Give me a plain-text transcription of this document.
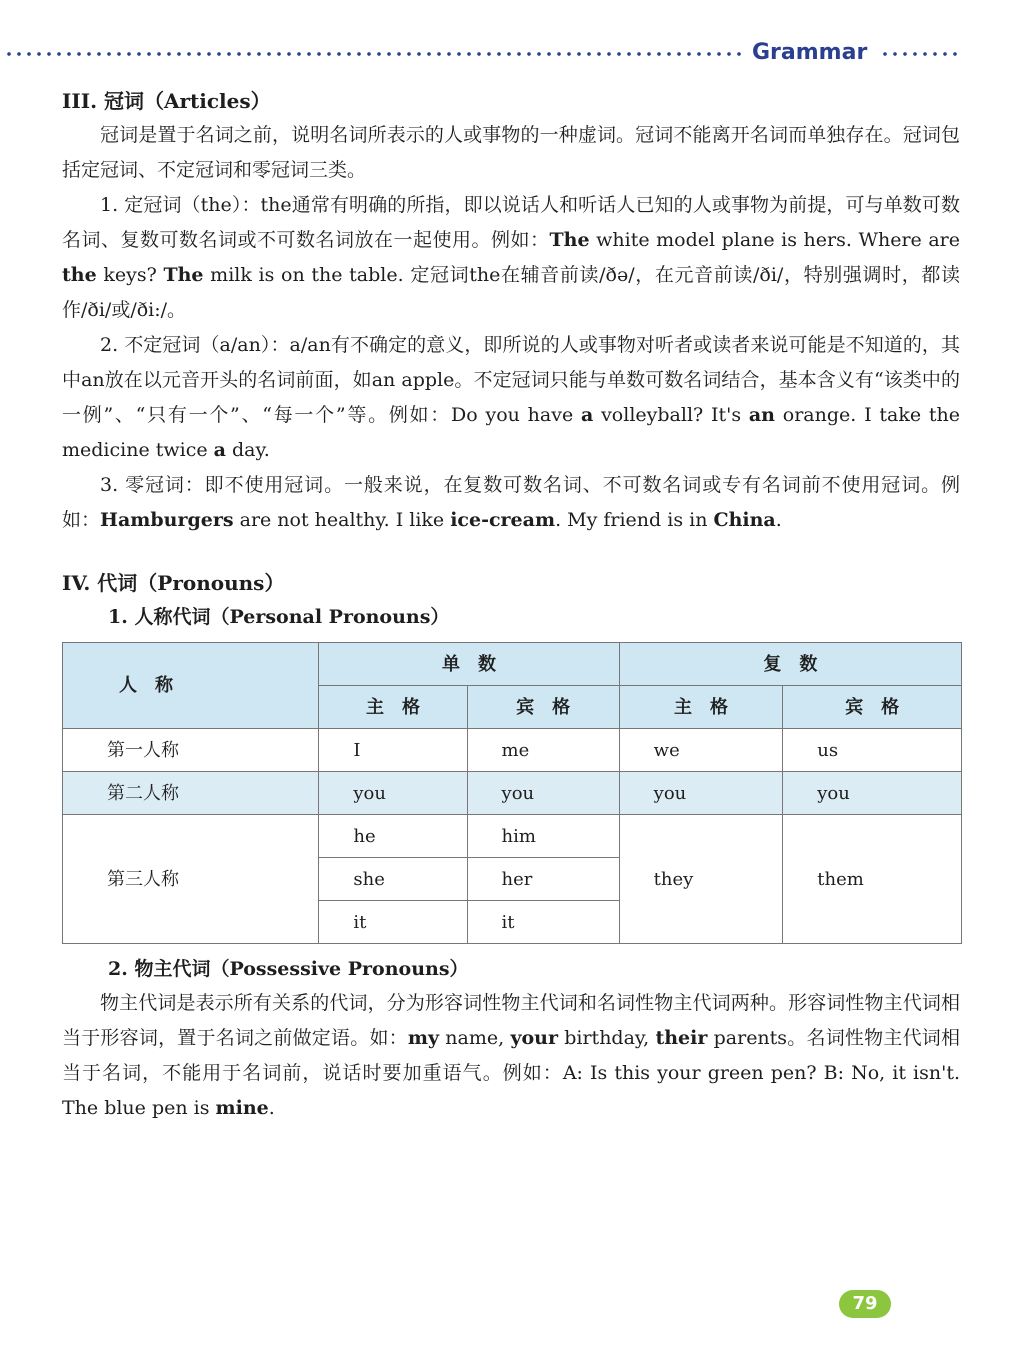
Grammar
III. 冠词（Articles）

冠词是置于名词之前，说明名词所表示的人或事物的一种虚词。冠词不能离开名词而单独存在。冠词包括定冠词、不定冠词和零冠词三类。

1. 定冠词（the）：the通常有明确的所指，即以说话人和听话人已知的人或事物为前提，可与单数可数名词、复数可数名词或不可数名词放在一起使用。例如：The white model plane is hers. Where are the keys? The milk is on the table. 定冠词the在辅音前读/ðə/，在元音前读/ði/，特别强调时，都读作/ði/或/ði:/。

2. 不定冠词（a/an）：a/an有不确定的意义，即所说的人或事物对听者或读者来说可能是不知道的，其中an放在以元音开头的名词前面，如an apple。不定冠词只能与单数可数名词结合，基本含义有“该类中的一例”、“只有一个”、“每一个”等。例如：Do you have a volleyball? It's an orange. I take the medicine twice a day.

3. 零冠词：即不使用冠词。一般来说，在复数可数名词、不可数名词或专有名词前不使用冠词。例如：Hamburgers are not healthy. I like ice-cream. My friend is in China.

IV. 代词（Pronouns）
1. 人称代词（Personal Pronouns）
人　称	单　数		复　数	
	主　格	宾　格	主　格	宾　格
第一人称	I	me	we	us
第二人称	you	you	you	you
第三人称	he	him	they	them
	she	her		
	it	it		
2. 物主代词（Possessive Pronouns）

物主代词是表示所有关系的代词，分为形容词性物主代词和名词性物主代词两种。形容词性物主代词相当于形容词，置于名词之前做定语。如：my name, your birthday, their parents。名词性物主代词相当于名词，不能用于名词前，说话时要加重语气。例如：A: Is this your green pen? B: No, it isn't. The blue pen is mine.

79
